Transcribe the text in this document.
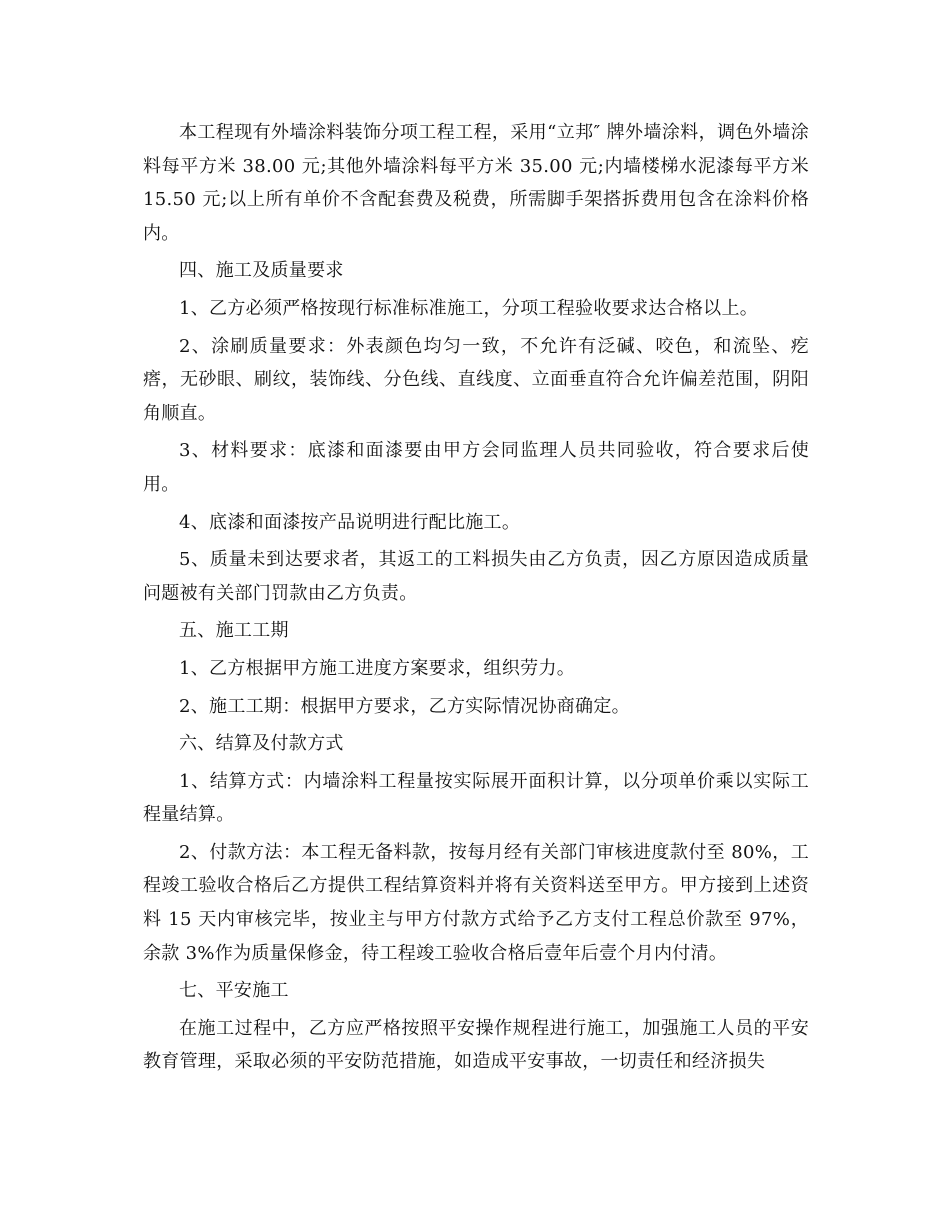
本工程现有外墙涂料装饰分项工程工程，采用“立邦″ 牌外墙涂料，调色外墙涂料每平方米 38.00 元;其他外墙涂料每平方米 35.00 元;内墙楼梯水泥漆每平方米 15.50 元;以上所有单价不含配套费及税费，所需脚手架搭拆费用包含在涂料价格内。

四、施工及质量要求

1、乙方必须严格按现行标准标准施工，分项工程验收要求达合格以上。

2、涂刷质量要求：外表颜色均匀一致，不允许有泛碱、咬色，和流坠、疙瘩，无砂眼、刷纹，装饰线、分色线、直线度、立面垂直符合允许偏差范围，阴阳角顺直。

3、材料要求：底漆和面漆要由甲方会同监理人员共同验收，符合要求后使用。

4、底漆和面漆按产品说明进行配比施工。

5、质量未到达要求者，其返工的工料损失由乙方负责，因乙方原因造成质量问题被有关部门罚款由乙方负责。

五、施工工期

1、乙方根据甲方施工进度方案要求，组织劳力。

2、施工工期：根据甲方要求，乙方实际情况协商确定。

六、结算及付款方式

1、结算方式：内墙涂料工程量按实际展开面积计算，以分项单价乘以实际工程量结算。

2、付款方法：本工程无备料款，按每月经有关部门审核进度款付至 80%，工程竣工验收合格后乙方提供工程结算资料并将有关资料送至甲方。甲方接到上述资料 15 天内审核完毕，按业主与甲方付款方式给予乙方支付工程总价款至 97%，余款 3%作为质量保修金，待工程竣工验收合格后壹年后壹个月内付清。

七、平安施工

在施工过程中，乙方应严格按照平安操作规程进行施工，加强施工人员的平安教育管理，采取必须的平安防范措施，如造成平安事故，一切责任和经济损失
